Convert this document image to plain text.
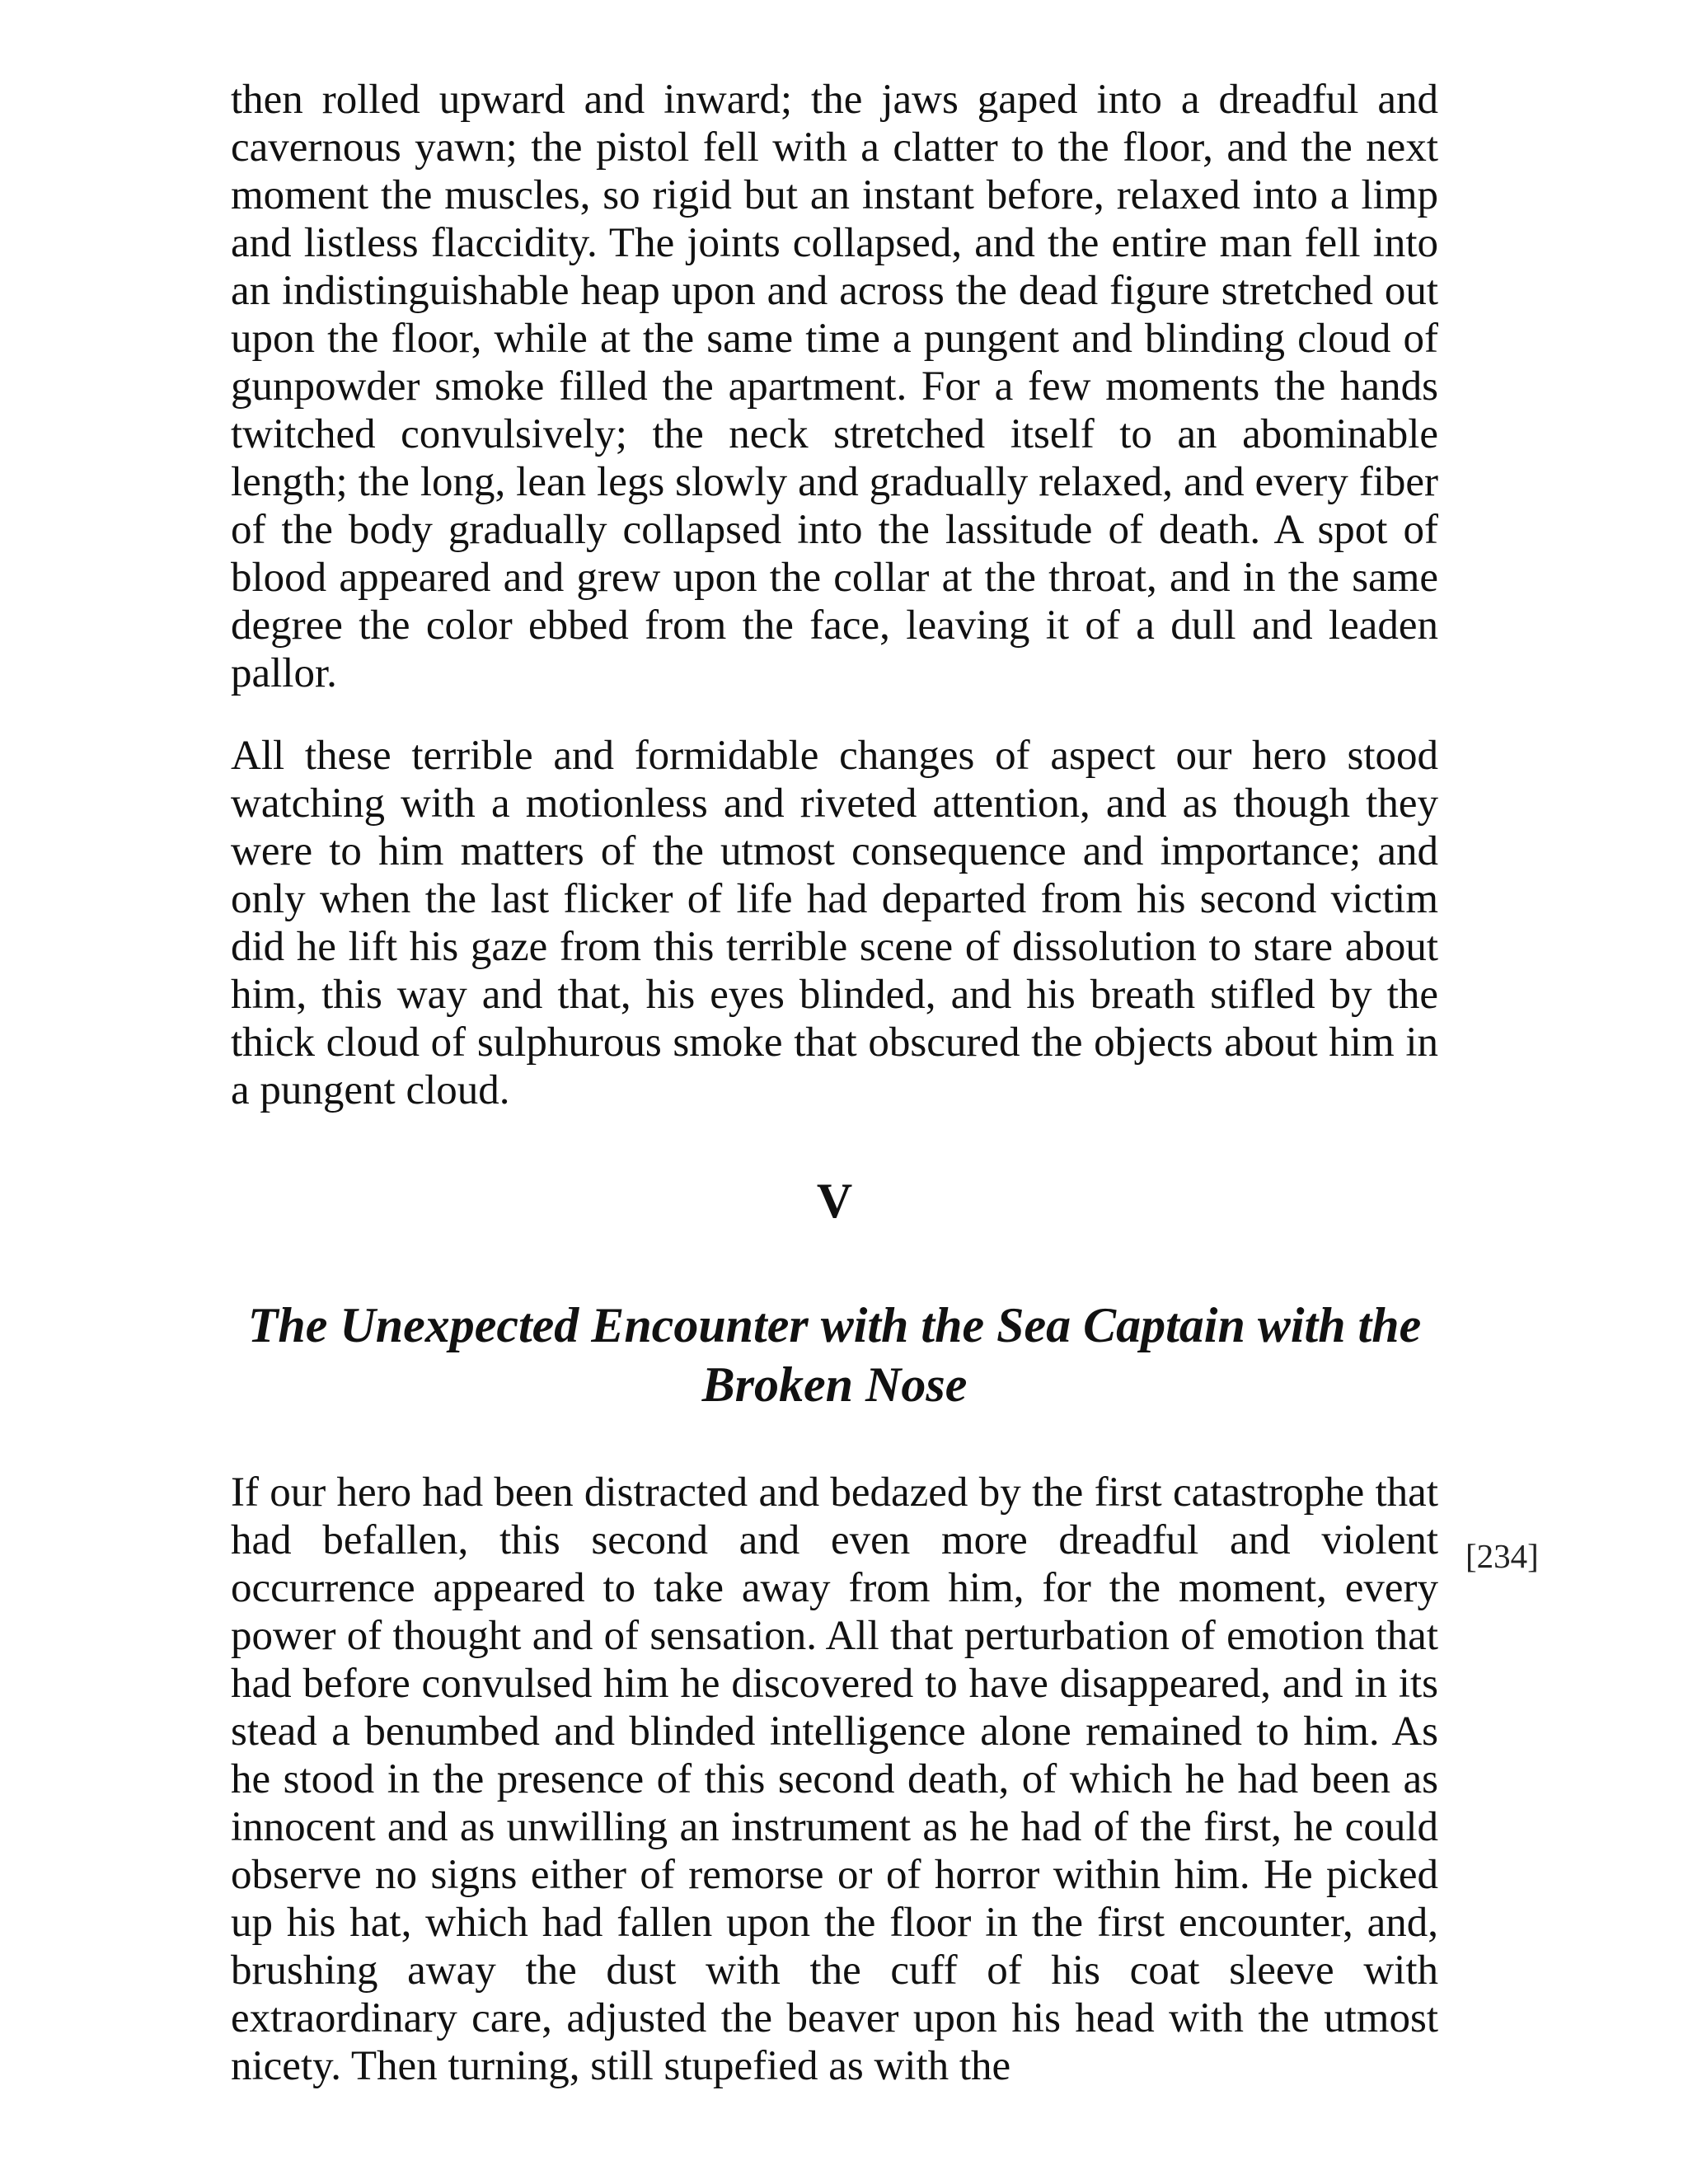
then rolled upward and inward; the jaws gaped into a dreadful and cavernous yawn; the pistol fell with a clatter to the floor, and the next moment the muscles, so rigid but an instant before, relaxed into a limp and listless flaccidity. The joints collapsed, and the entire man fell into an indistinguishable heap upon and across the dead figure stretched out upon the floor, while at the same time a pungent and blinding cloud of gunpowder smoke filled the apartment. For a few moments the hands twitched convulsively; the neck stretched itself to an abominable length; the long, lean legs slowly and gradually relaxed, and every fiber of the body gradually collapsed into the lassitude of death. A spot of blood appeared and grew upon the collar at the throat, and in the same degree the color ebbed from the face, leaving it of a dull and leaden pallor.

All these terrible and formidable changes of aspect our hero stood watching with a motionless and riveted attention, and as though they were to him matters of the utmost consequence and importance; and only when the last flicker of life had departed from his second victim did he lift his gaze from this terrible scene of dissolution to stare about him, this way and that, his eyes blinded, and his breath stifled by the thick cloud of sulphurous smoke that obscured the objects about him in a pungent cloud.

V
The Unexpected Encounter with the Sea Captain with the Broken Nose

If our hero had been distracted and bedazed by the first catastrophe that had befallen, this second and even more dreadful and violent occurrence appeared to take away from him, for the moment, every power of thought and of sensation. All that perturbation of emotion that had before convulsed him he discovered to have disappeared, and in its stead a benumbed and blinded intelligence alone remained to him. As he stood in the presence of this second death, of which he had been as innocent and as unwilling an instrument as he had of the first, he could observe no signs either of remorse or of horror within him. He picked up his hat, which had fallen upon the floor in the first encounter, and, brushing away the dust with the cuff of his coat sleeve with extraordinary care, adjusted the beaver upon his head with the utmost nicety. Then turning, still stupefied as with the

[234]
